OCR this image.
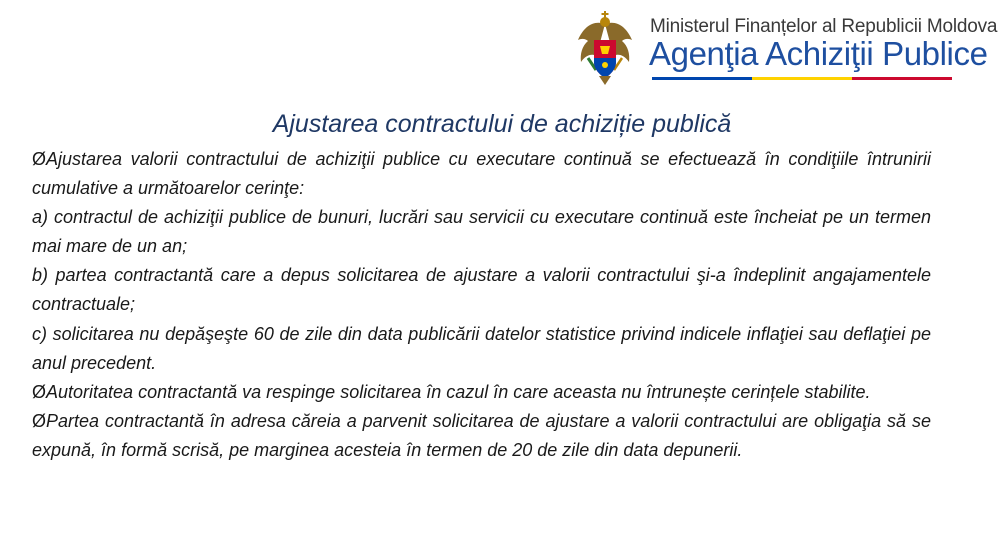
Ministerul Finanțelor al Republicii Moldova
Agenţia Achiziţii Publice
Ajustarea contractului de achiziție publică

ØAjustarea valorii contractului de achiziţii publice cu executare continuă se efectuează în condiţiile întrunirii cumulative a următoarelor cerinţe:

a) contractul de achiziţii publice de bunuri, lucrări sau servicii cu executare continuă este încheiat pe un termen mai mare de un an;

b) partea contractantă care a depus solicitarea de ajustare a valorii contractului şi-a îndeplinit angajamentele contractuale;

c) solicitarea nu depăşeşte 60 de zile din data publicării datelor statistice privind indicele inflaţiei sau deflaţiei pe anul precedent.

ØAutoritatea contractantă va respinge solicitarea în cazul în care aceasta nu întrunește cerințele stabilite.

ØPartea contractantă în adresa căreia a parvenit solicitarea de ajustare a valorii contractului are obligaţia să se expună, în formă scrisă, pe marginea acesteia în termen de 20 de zile din data depunerii.
